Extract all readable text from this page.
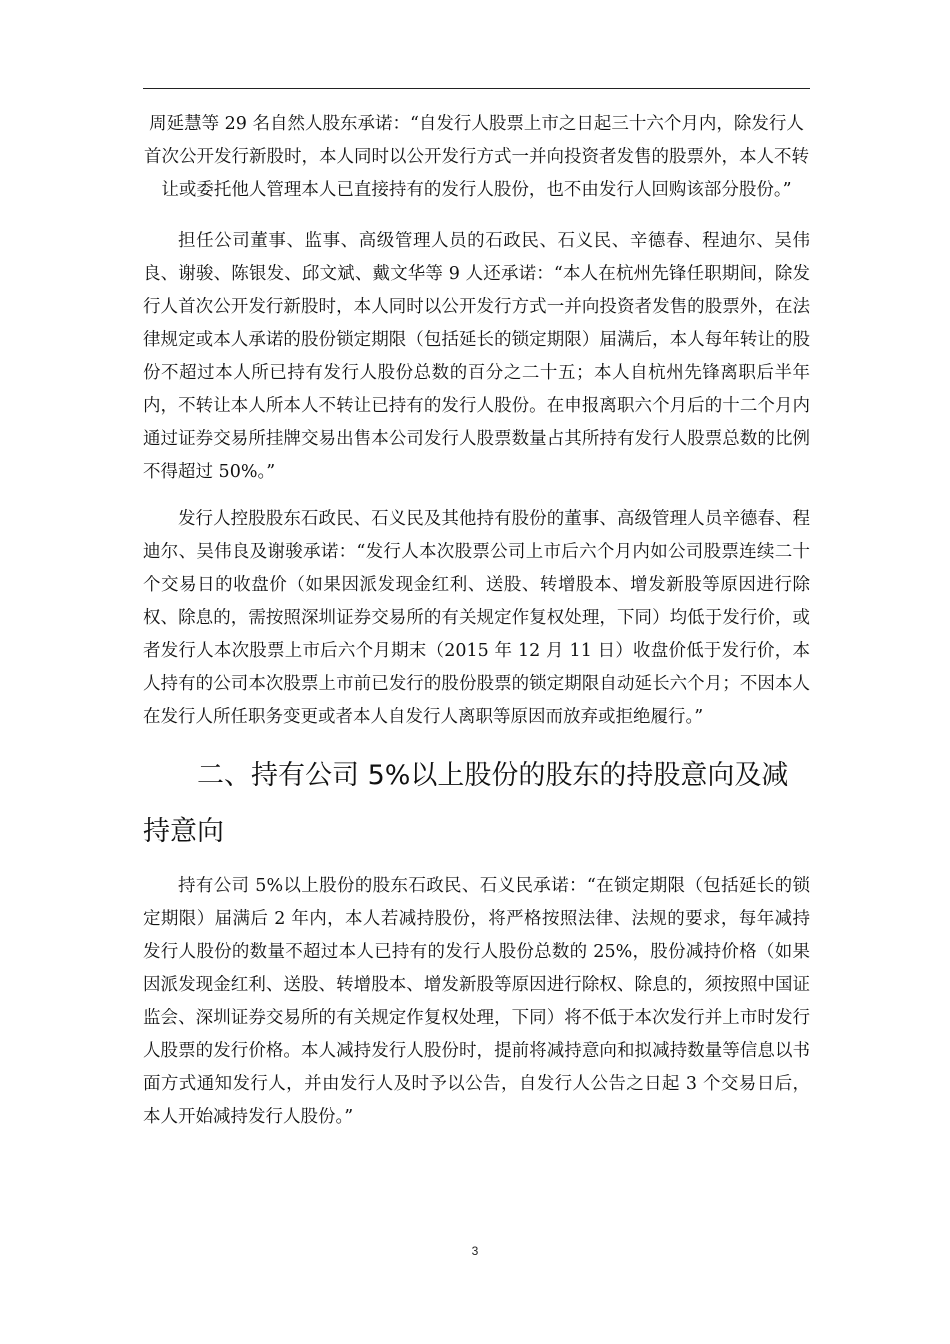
周延慧等 29 名自然人股东承诺：“自发行人股票上市之日起三十六个月内，除发行人首次公开发行新股时，本人同时以公开发行方式一并向投资者发售的股票外，本人不转让或委托他人管理本人已直接持有的发行人股份，也不由发行人回购该部分股份。”

担任公司董事、监事、高级管理人员的石政民、石义民、辛德春、程迪尔、吴伟良、谢骏、陈银发、邱文斌、戴文华等 9 人还承诺：“本人在杭州先锋任职期间，除发行人首次公开发行新股时，本人同时以公开发行方式一并向投资者发售的股票外，在法律规定或本人承诺的股份锁定期限（包括延长的锁定期限）届满后，本人每年转让的股份不超过本人所已持有发行人股份总数的百分之二十五；本人自杭州先锋离职后半年内，不转让本人所本人不转让已持有的发行人股份。在申报离职六个月后的十二个月内通过证券交易所挂牌交易出售本公司发行人股票数量占其所持有发行人股票总数的比例不得超过 50%。”

发行人控股股东石政民、石义民及其他持有股份的董事、高级管理人员辛德春、程迪尔、吴伟良及谢骏承诺：“发行人本次股票公司上市后六个月内如公司股票连续二十个交易日的收盘价（如果因派发现金红利、送股、转增股本、增发新股等原因进行除权、除息的，需按照深圳证券交易所的有关规定作复权处理，下同）均低于发行价，或者发行人本次股票上市后六个月期末（2015 年 12 月 11 日）收盘价低于发行价，本人持有的公司本次股票上市前已发行的股份股票的锁定期限自动延长六个月；不因本人在发行人所任职务变更或者本人自发行人离职等原因而放弃或拒绝履行。”

二、持有公司 5%以上股份的股东的持股意向及减持意向

持有公司 5%以上股份的股东石政民、石义民承诺：“在锁定期限（包括延长的锁定期限）届满后 2 年内，本人若减持股份，将严格按照法律、法规的要求，每年减持发行人股份的数量不超过本人已持有的发行人股份总数的 25%，股份减持价格（如果因派发现金红利、送股、转增股本、增发新股等原因进行除权、除息的，须按照中国证监会、深圳证券交易所的有关规定作复权处理，下同）将不低于本次发行并上市时发行人股票的发行价格。本人减持发行人股份时，提前将减持意向和拟减持数量等信息以书面方式通知发行人，并由发行人及时予以公告，自发行人公告之日起 3 个交易日后，本人开始减持发行人股份。”

3
